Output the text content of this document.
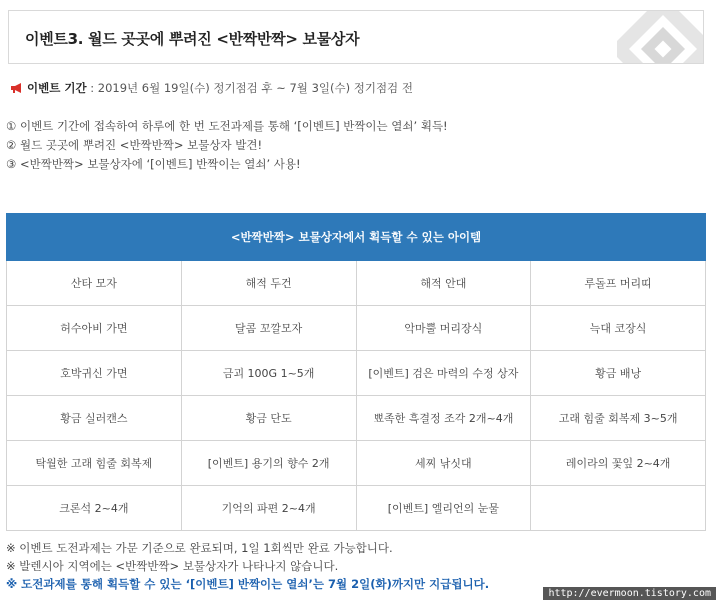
이벤트3. 월드 곳곳에 뿌려진 <반짝반짝> 보물상자
이벤트 기간 : 2019년 6월 19일(수) 정기점검 후 ~ 7월 3일(수) 정기점검 전
① 이벤트 기간에 접속하여 하루에 한 번 도전과제를 통해 ‘[이벤트] 반짝이는 열쇠’ 획득!
② 월드 곳곳에 뿌려진 <반짝반짝> 보물상자 발견!
③ <반짝반짝> 보물상자에 ‘[이벤트] 반짝이는 열쇠’ 사용!
<반짝반짝> 보물상자에서 획득할 수 있는 아이템			
산타 모자	해적 두건	해적 안대	루돌프 머리띠
허수아비 가면	달콤 꼬깔모자	악마뿔 머리장식	늑대 코장식
호박귀신 가면	금괴 100G 1~5개	[이벤트] 검은 마력의 수정 상자	황금 배낭
황금 실러캔스	황금 단도	뾰족한 흑결정 조각 2개~4개	고래 힘줄 회복제 3~5개
탁월한 고래 힘줄 회복제	[이벤트] 용기의 향수 2개	세찌 낚싯대	레이라의 꽃잎 2~4개
크론석 2~4개	기억의 파편 2~4개	[이벤트] 엘리언의 눈물	
※ 이벤트 도전과제는 가문 기준으로 완료되며, 1일 1회씩만 완료 가능합니다.
※ 발렌시아 지역에는 <반짝반짝> 보물상자가 나타나지 않습니다.
※ 도전과제를 통해 획득할 수 있는 ‘[이벤트] 반짝이는 열쇠’는 7월 2일(화)까지만 지급됩니다.
http://evermoon.tistory.com
